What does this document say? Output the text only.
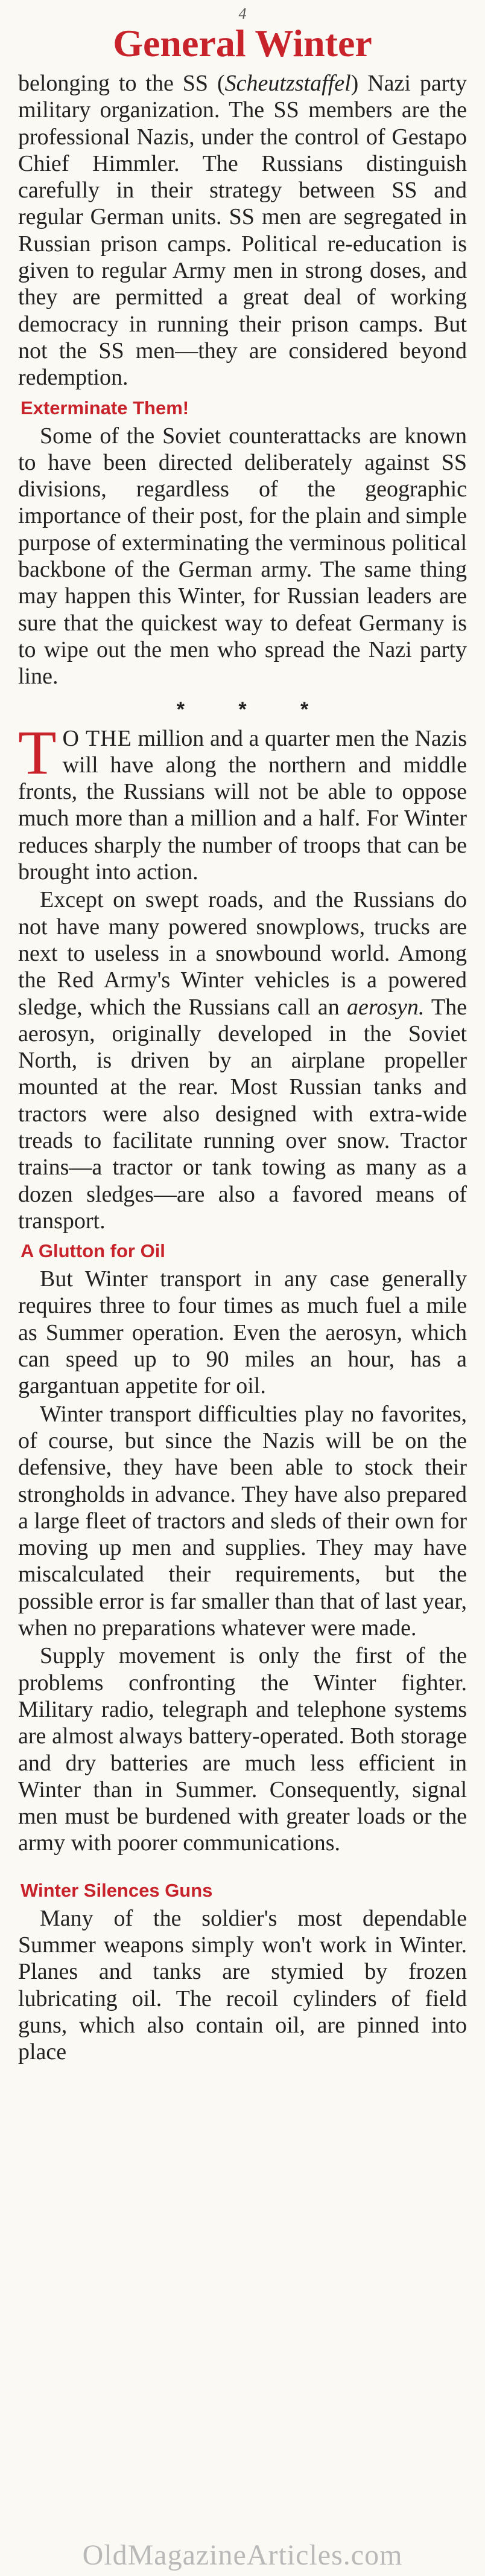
4
General Winter

belonging to the SS (Scheutzstaffel) Nazi party military organization. The SS members are the professional Nazis, under the control of Gestapo Chief Himmler. The Russians distinguish carefully in their strategy between SS and regular German units. SS men are segregated in Russian prison camps. Political re-education is given to regular Army men in strong doses, and they are permitted a great deal of working democracy in running their prison camps. But not the SS men—they are considered beyond redemption.

Exterminate Them!

Some of the Soviet counterattacks are known to have been directed deliberately against SS divisions, regardless of the geographic importance of their post, for the plain and simple purpose of exterminating the verminous political backbone of the German army. The same thing may happen this Winter, for Russian leaders are sure that the quickest way to defeat Germany is to wipe out the men who spread the Nazi party line.

* * *

T O THE million and a quarter men the Nazis will have along the northern and middle fronts, the Russians will not be able to oppose much more than a million and a half. For Winter reduces sharply the number of troops that can be brought into action.

Except on swept roads, and the Russians do not have many powered snowplows, trucks are next to useless in a snowbound world. Among the Red Army's Winter vehicles is a powered sledge, which the Russians call an aerosyn. The aerosyn, originally developed in the Soviet North, is driven by an airplane propeller mounted at the rear. Most Russian tanks and tractors were also designed with extra-wide treads to facilitate running over snow. Tractor trains—a tractor or tank towing as many as a dozen sledges—are also a favored means of transport.

A Glutton for Oil

But Winter transport in any case generally requires three to four times as much fuel a mile as Summer operation. Even the aerosyn, which can speed up to 90 miles an hour, has a gargantuan appetite for oil.

Winter transport difficulties play no favorites, of course, but since the Nazis will be on the defensive, they have been able to stock their strongholds in advance. They have also prepared a large fleet of tractors and sleds of their own for moving up men and supplies. They may have miscalculated their requirements, but the possible error is far smaller than that of last year, when no preparations whatever were made.

Supply movement is only the first of the problems confronting the Winter fighter. Military radio, telegraph and telephone systems are almost always battery-operated. Both storage and dry batteries are much less efficient in Winter than in Summer. Consequently, signal men must be burdened with greater loads or the army with poorer communications.

Winter Silences Guns

Many of the soldier's most dependable Summer weapons simply won't work in Winter. Planes and tanks are stymied by frozen lubricating oil. The recoil cylinders of field guns, which also contain oil, are pinned into place

OldMagazineArticles.com
